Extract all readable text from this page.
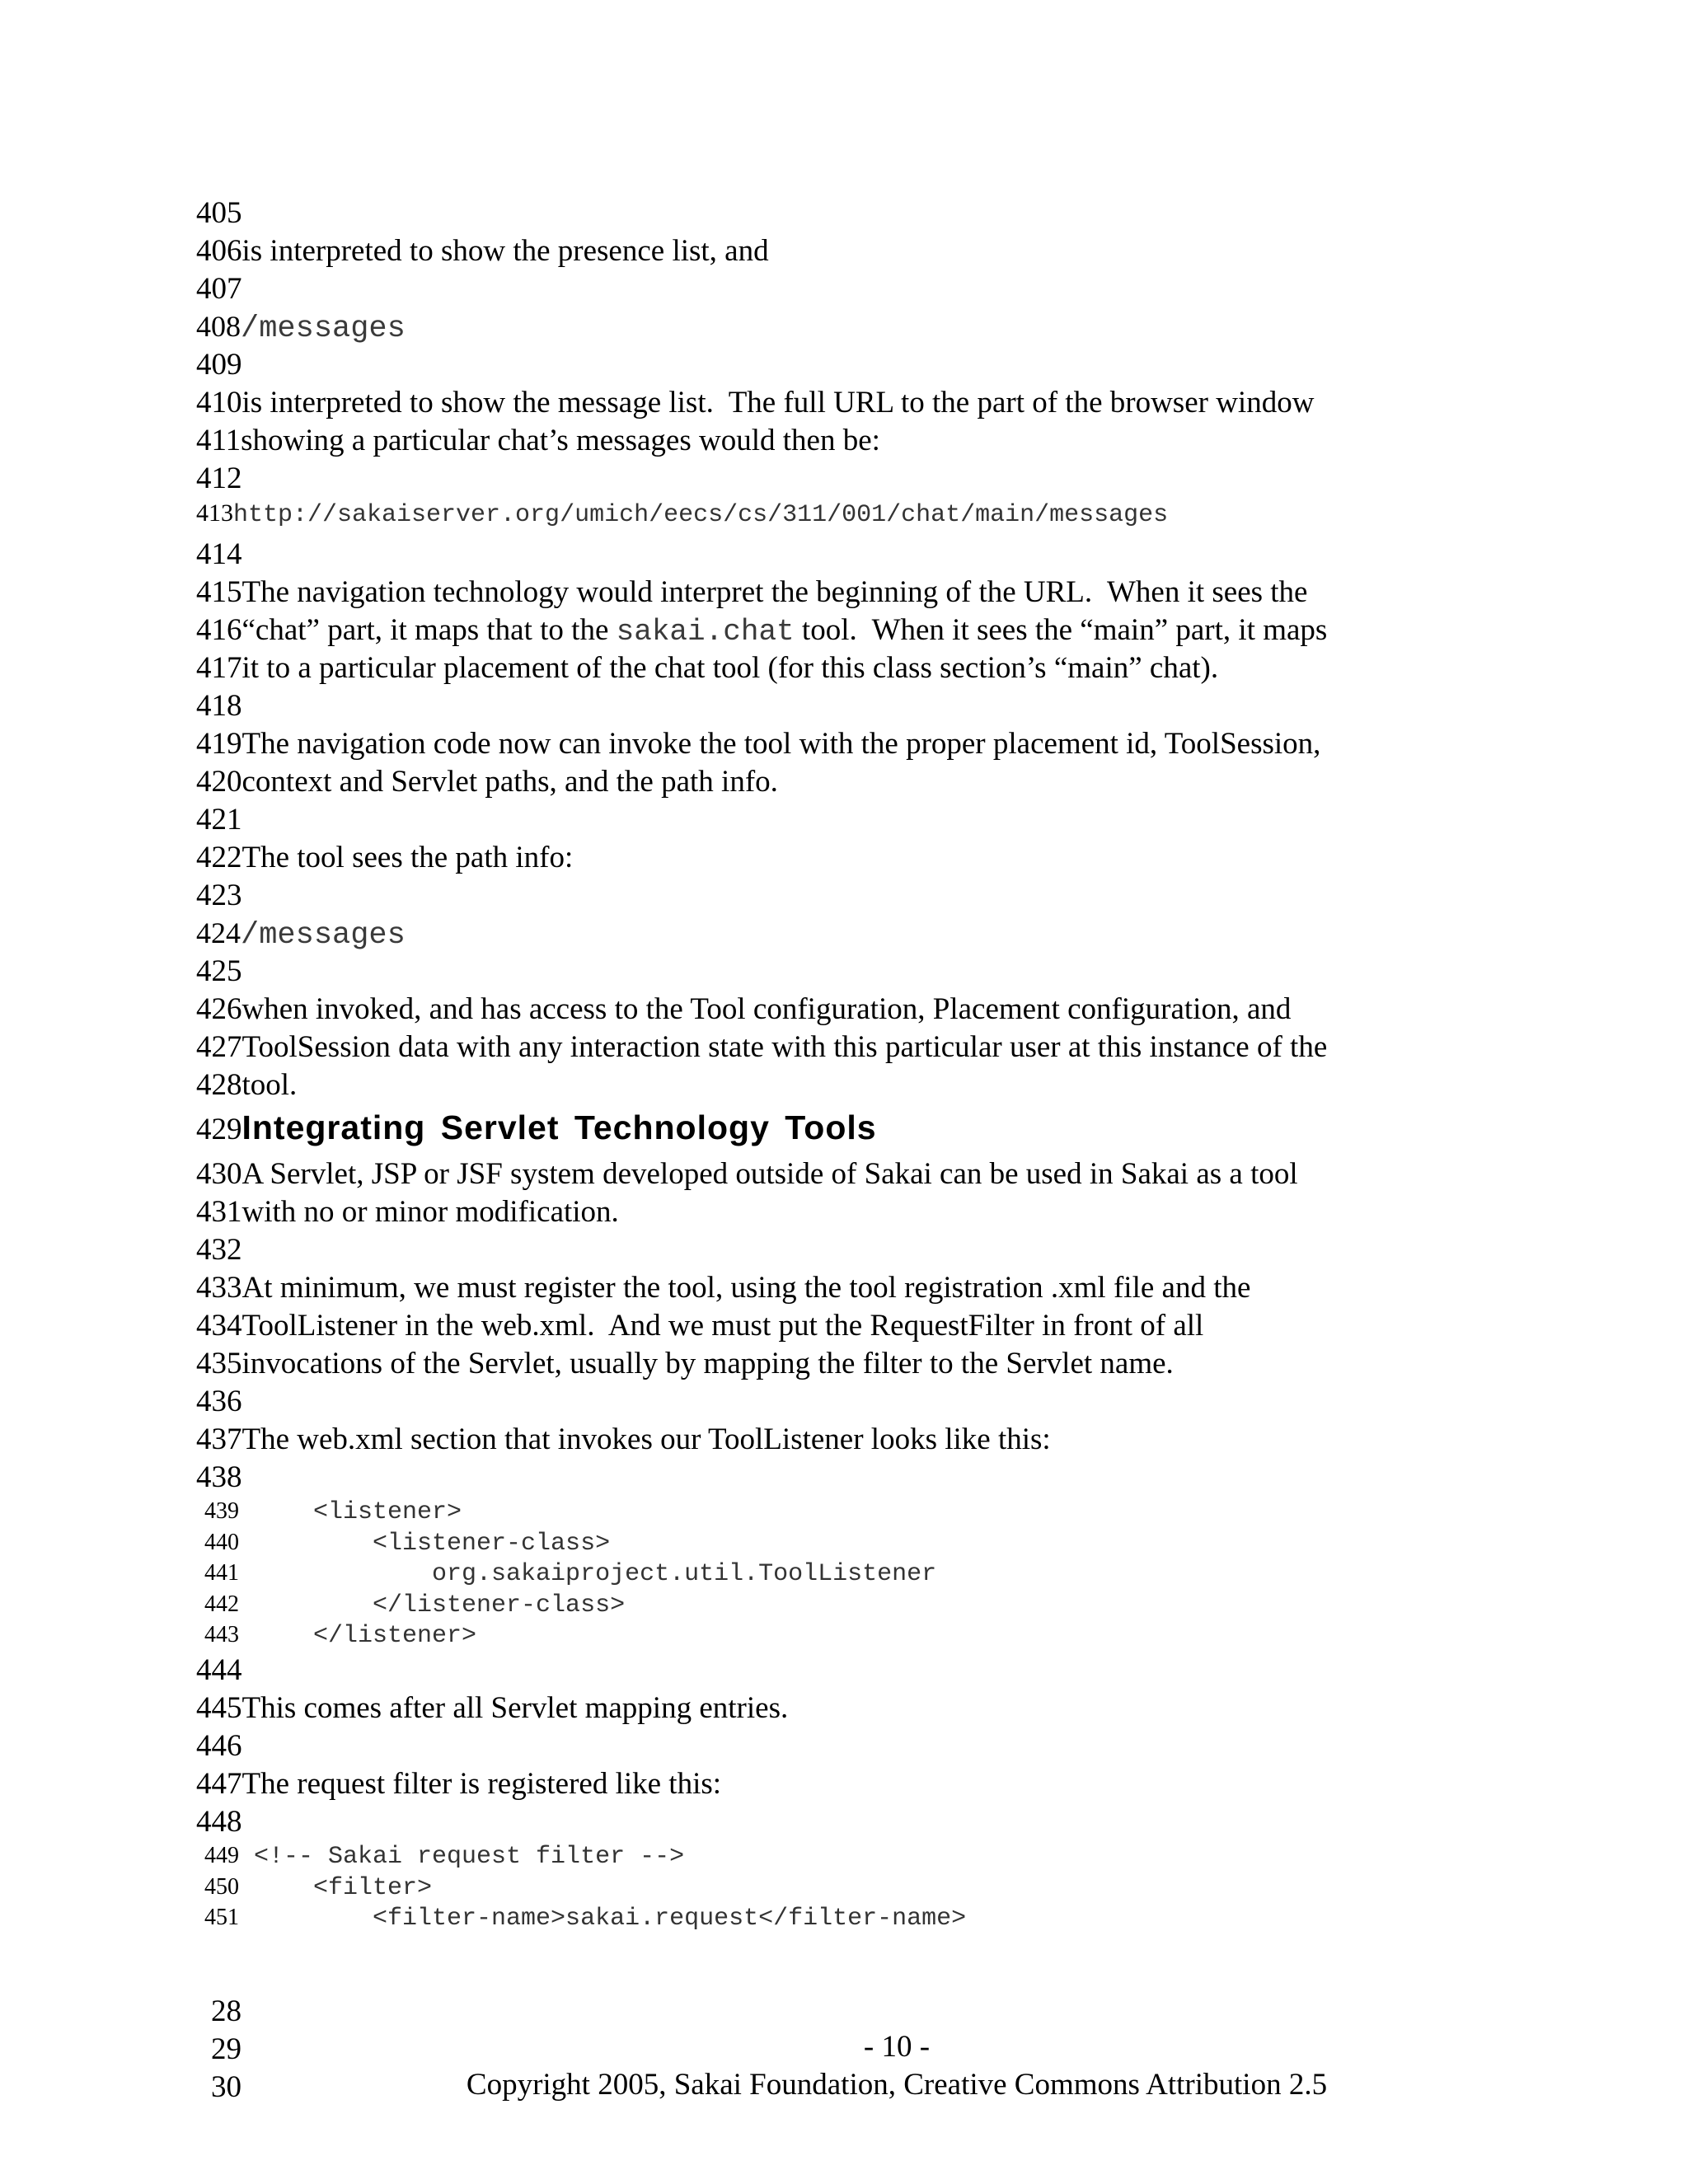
405
406is interpreted to show the presence list, and
407
408/messages
409
410is interpreted to show the message list.  The full URL to the part of the browser window
411showing a particular chat’s messages would then be:
412
413http://sakaiserver.org/umich/eecs/cs/311/001/chat/main/messages
414
415The navigation technology would interpret the beginning of the URL.  When it sees the
416“chat” part, it maps that to the sakai.chat tool.  When it sees the “main” part, it maps
417it to a particular placement of the chat tool (for this class section’s “main” chat).
418
419The navigation code now can invoke the tool with the proper placement id, ToolSession,
420context and Servlet paths, and the path info.
421
422The tool sees the path info:
423
424/messages
425
426when invoked, and has access to the Tool configuration, Placement configuration, and
427ToolSession data with any interaction state with this particular user at this instance of the
428tool.
429Integrating Servlet Technology Tools
430A Servlet, JSP or JSF system developed outside of Sakai can be used in Sakai as a tool
431with no or minor modification.
432
433At minimum, we must register the tool, using the tool registration .xml file and the
434ToolListener in the web.xml.  And we must put the RequestFilter in front of all
435invocations of the Servlet, usually by mapping the filter to the Servlet name.
436
437The web.xml section that invokes our ToolListener looks like this:
438
439    <listener>
440        <listener-class>
441            org.sakaiproject.util.ToolListener
442        </listener-class>
443    </listener>
444
445This comes after all Servlet mapping entries.
446
447The request filter is registered like this:
448
449 <!-- Sakai request filter -->
450    <filter>
451        <filter-name>sakai.request</filter-name>

28

- 10 -

29

Copyright 2005, Sakai Foundation, Creative Commons Attribution 2.5

30
